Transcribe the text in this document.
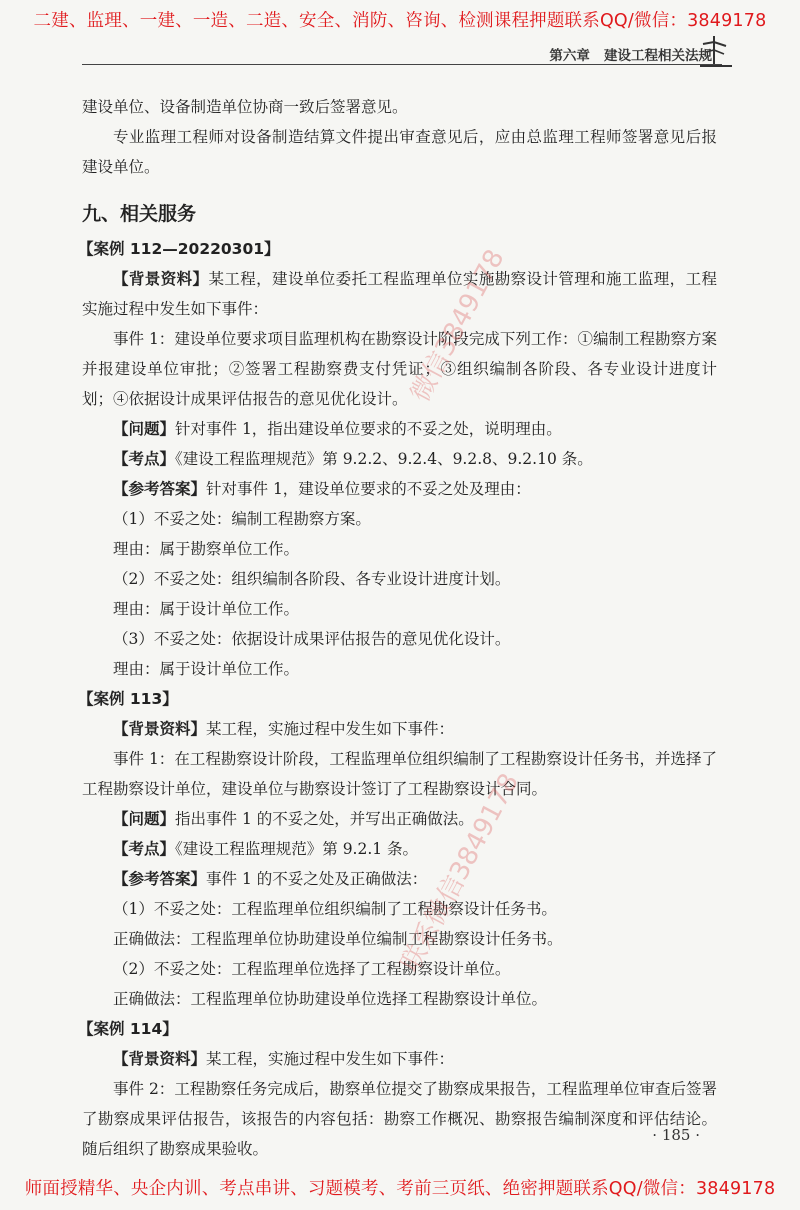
二建、监理、一建、一造、二造、安全、消防、咨询、检测课程押题联系QQ/微信：3849178
第六章 建设工程相关法规

建设单位、设备制造单位协商一致后签署意见。

专业监理工程师对设备制造结算文件提出审查意见后，应由总监理工程师签署意见后报建设单位。

九、相关服务
【案例 112—20220301】

【背景资料】某工程，建设单位委托工程监理单位实施勘察设计管理和施工监理，工程实施过程中发生如下事件：

事件 1：建设单位要求项目监理机构在勘察设计阶段完成下列工作：①编制工程勘察方案并报建设单位审批；②签署工程勘察费支付凭证；③组织编制各阶段、各专业设计进度计划；④依据设计成果评估报告的意见优化设计。

【问题】针对事件 1，指出建设单位要求的不妥之处，说明理由。

【考点】《建设工程监理规范》第 9.2.2、9.2.4、9.2.8、9.2.10 条。

【参考答案】针对事件 1，建设单位要求的不妥之处及理由：

（1）不妥之处：编制工程勘察方案。

理由：属于勘察单位工作。

（2）不妥之处：组织编制各阶段、各专业设计进度计划。

理由：属于设计单位工作。

（3）不妥之处：依据设计成果评估报告的意见优化设计。

理由：属于设计单位工作。

【案例 113】

【背景资料】某工程，实施过程中发生如下事件：

事件 1：在工程勘察设计阶段，工程监理单位组织编制了工程勘察设计任务书，并选择了工程勘察设计单位，建设单位与勘察设计签订了工程勘察设计合同。

【问题】指出事件 1 的不妥之处，并写出正确做法。

【考点】《建设工程监理规范》第 9.2.1 条。

【参考答案】事件 1 的不妥之处及正确做法：

（1）不妥之处：工程监理单位组织编制了工程勘察设计任务书。

正确做法：工程监理单位协助建设单位编制工程勘察设计任务书。

（2）不妥之处：工程监理单位选择了工程勘察设计单位。

正确做法：工程监理单位协助建设单位选择工程勘察设计单位。

【案例 114】

【背景资料】某工程，实施过程中发生如下事件：

事件 2：工程勘察任务完成后，勘察单位提交了勘察成果报告，工程监理单位审查后签署了勘察成果评估报告，该报告的内容包括：勘察工作概况、勘察报告编制深度和评估结论。随后组织了勘察成果验收。

微信3849178
联系微信3849178
· 185 ·
师面授精华、央企内训、考点串讲、习题模考、考前三页纸、绝密押题联系QQ/微信：3849178
